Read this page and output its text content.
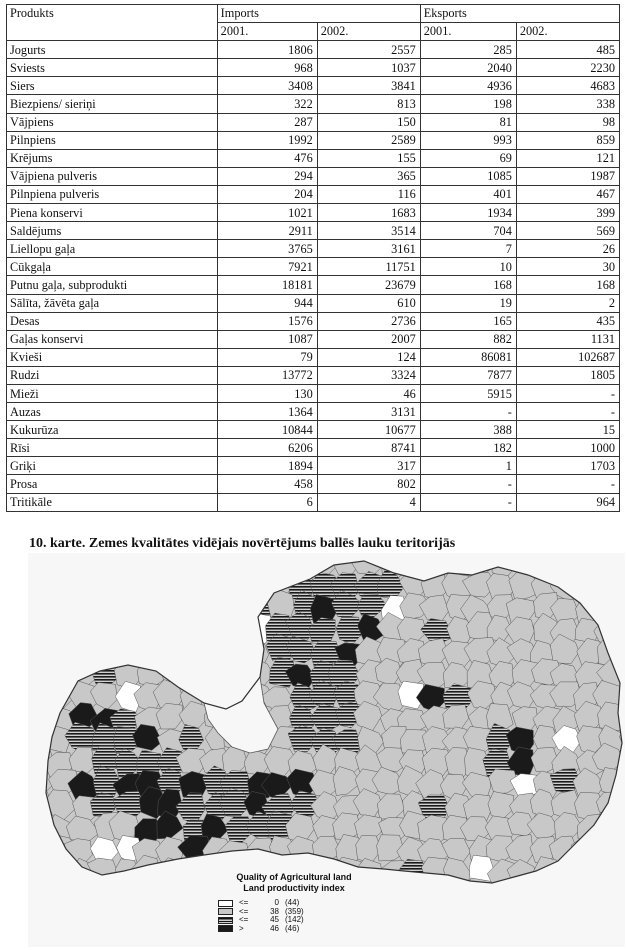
Produkts	Imports		Eksports	
	2001.	2002.	2001.	2002.
Jogurts	1806	2557	285	485
Sviests	968	1037	2040	2230
Siers	3408	3841	4936	4683
Biezpiens/ sieriņi	322	813	198	338
Vājpiens	287	150	81	98
Pilnpiens	1992	2589	993	859
Krējums	476	155	69	121
Vājpiena pulveris	294	365	1085	1987
Pilnpiena pulveris	204	116	401	467
Piena konservi	1021	1683	1934	399
Saldējums	2911	3514	704	569
Liellopu gaļa	3765	3161	7	26
Cūkgaļa	7921	11751	10	30
Putnu gaļa, subprodukti	18181	23679	168	168
Sālīta, žāvēta gaļa	944	610	19	2
Desas	1576	2736	165	435
Gaļas konservi	1087	2007	882	1131
Kvieši	79	124	86081	102687
Rudzi	13772	3324	7877	1805
Mieži	130	46	5915	-
Auzas	1364	3131	-	-
Kukurūza	10844	10677	388	15
Rīsi	6206	8741	182	1000
Griķi	1894	317	1	1703
Prosa	458	802	-	-
Tritikāle	6	4	-	964
10. karte. Zemes kvalitātes vidējais novērtējums ballēs lauku teritorijās
Quality of Agricultural land
Land productivity index
<=	0 (44)
<=	38 (359)
<=	45 (142)
>	46 (46)
